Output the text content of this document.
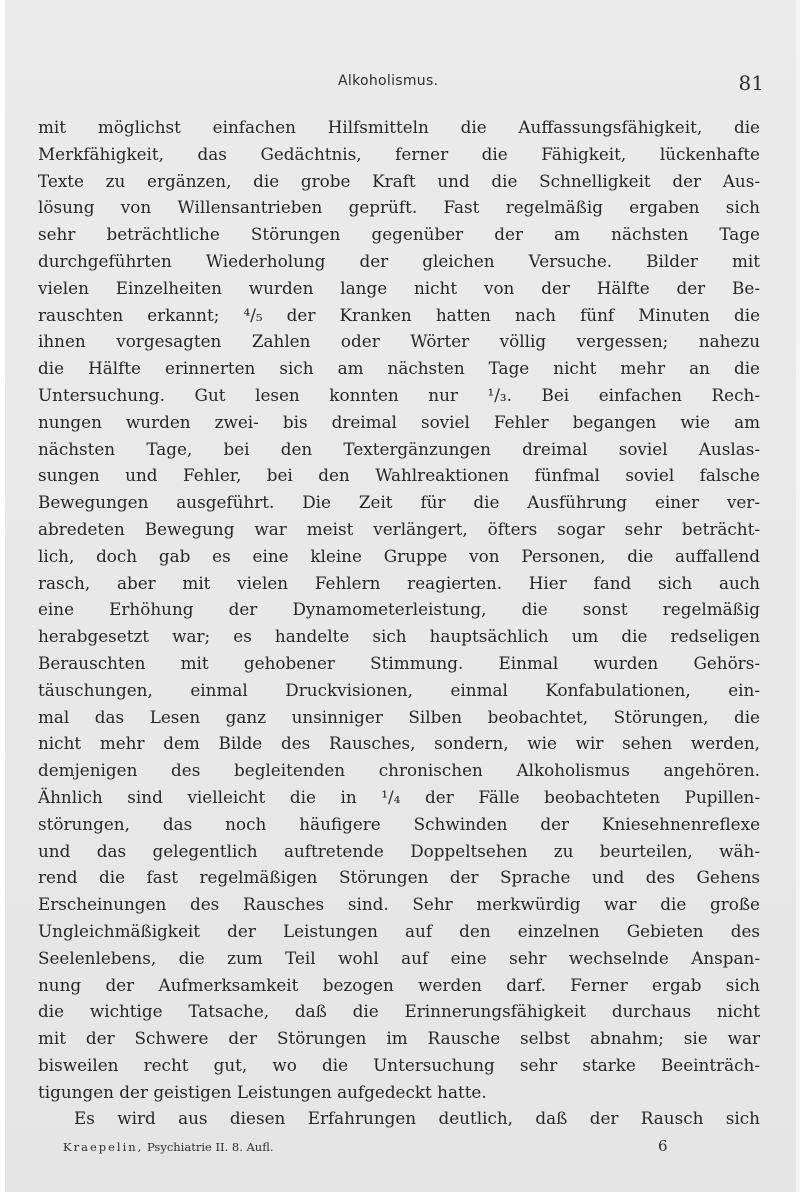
Alkoholismus.	81
mit möglichst einfachen Hilfsmitteln die Auffassungsfähigkeit, die
Merkfähigkeit, das Gedächtnis, ferner die Fähigkeit, lückenhafte
Texte zu ergänzen, die grobe Kraft und die Schnelligkeit der Aus-
lösung von Willensantrieben geprüft. Fast regelmäßig ergaben sich
sehr beträchtliche Störungen gegenüber der am nächsten Tage
durchgeführten Wiederholung der gleichen Versuche. Bilder mit
vielen Einzelheiten wurden lange nicht von der Hälfte der Be-
rauschten erkannt; ⁴/₅ der Kranken hatten nach fünf Minuten die
ihnen vorgesagten Zahlen oder Wörter völlig vergessen; nahezu
die Hälfte erinnerten sich am nächsten Tage nicht mehr an die
Untersuchung. Gut lesen konnten nur ¹/₃. Bei einfachen Rech-
nungen wurden zwei- bis dreimal soviel Fehler begangen wie am
nächsten Tage, bei den Textergänzungen dreimal soviel Auslas-
sungen und Fehler, bei den Wahlreaktionen fünfmal soviel falsche
Bewegungen ausgeführt. Die Zeit für die Ausführung einer ver-
abredeten Bewegung war meist verlängert, öfters sogar sehr beträcht-
lich, doch gab es eine kleine Gruppe von Personen, die auffallend
rasch, aber mit vielen Fehlern reagierten. Hier fand sich auch
eine Erhöhung der Dynamometerleistung, die sonst regelmäßig
herabgesetzt war; es handelte sich hauptsächlich um die redseligen
Berauschten mit gehobener Stimmung. Einmal wurden Gehörs-
täuschungen, einmal Druckvisionen, einmal Konfabulationen, ein-
mal das Lesen ganz unsinniger Silben beobachtet, Störungen, die
nicht mehr dem Bilde des Rausches, sondern, wie wir sehen werden,
demjenigen des begleitenden chronischen Alkoholismus angehören.
Ähnlich sind vielleicht die in ¹/₄ der Fälle beobachteten Pupillen-
störungen, das noch häufigere Schwinden der Kniesehnenreflexe
und das gelegentlich auftretende Doppeltsehen zu beurteilen, wäh-
rend die fast regelmäßigen Störungen der Sprache und des Gehens
Erscheinungen des Rausches sind. Sehr merkwürdig war die große
Ungleichmäßigkeit der Leistungen auf den einzelnen Gebieten des
Seelenlebens, die zum Teil wohl auf eine sehr wechselnde Anspan-
nung der Aufmerksamkeit bezogen werden darf. Ferner ergab sich
die wichtige Tatsache, daß die Erinnerungsfähigkeit durchaus nicht
mit der Schwere der Störungen im Rausche selbst abnahm; sie war
bisweilen recht gut, wo die Untersuchung sehr starke Beeinträch-
tigungen der geistigen Leistungen aufgedeckt hatte.
Es wird aus diesen Erfahrungen deutlich, daß der Rausch sich
Kraepelin, Psychiatrie II. 8. Aufl.	6
